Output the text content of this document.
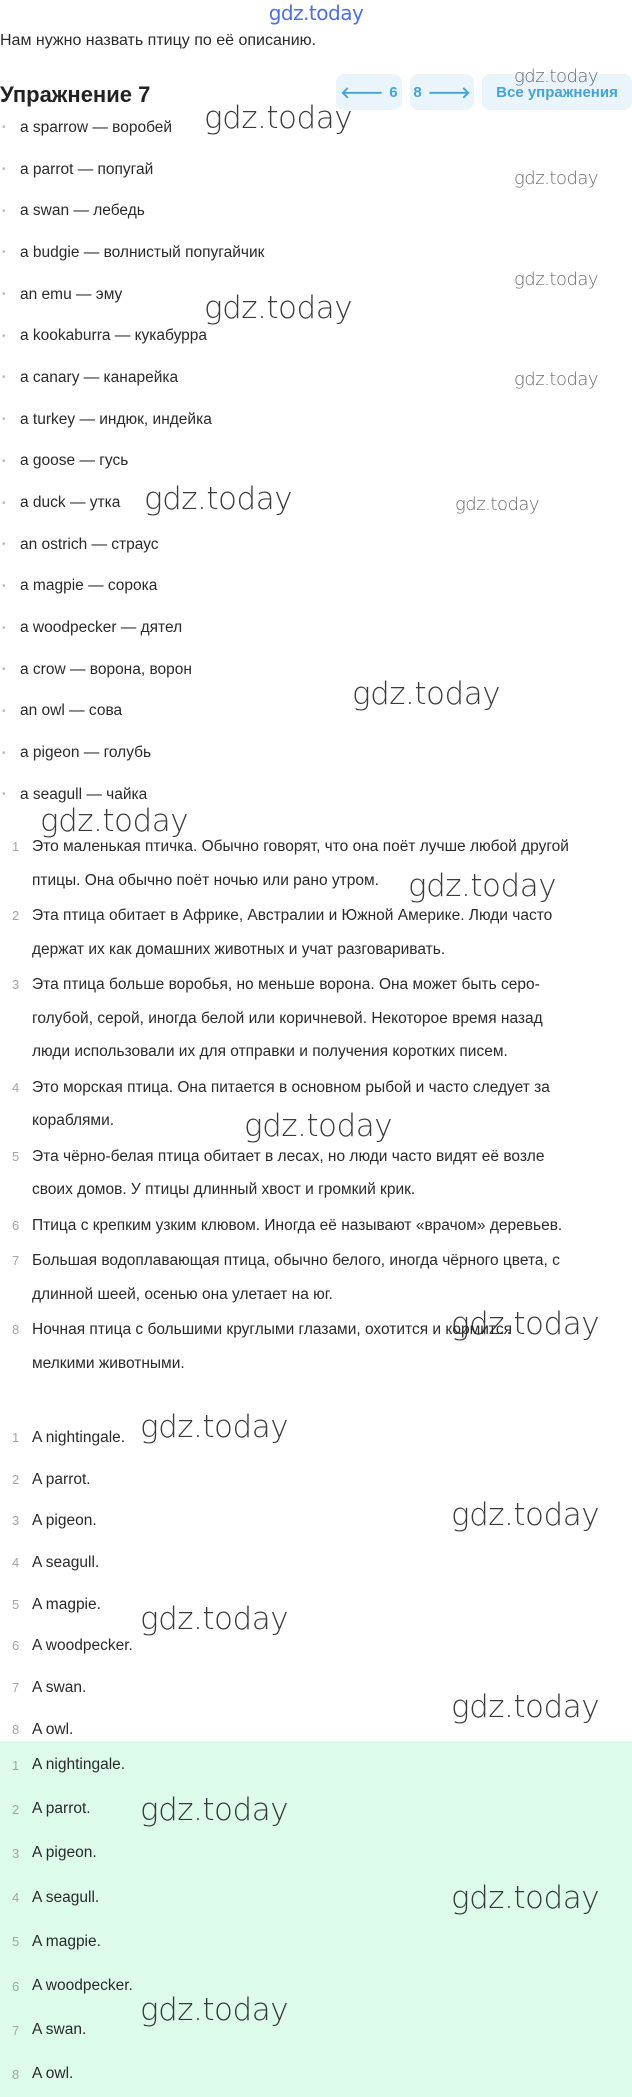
gdz.today
Нам нужно назвать птицу по её описанию.
Упражнение 7	🡐 6 8 🡒 Все упражнения
• a sparrow — воробей
• a parrot — попугай
• a swan — лебедь
• a budgie — волнистый попугайчик
• an emu — эму
• a kookaburra — кукабурра
• a canary — канарейка
• a turkey — индюк, индейка
• a goose — гусь
• a duck — утка
• an ostrich — страус
• a magpie — сорока
• a woodpecker — дятел
• a crow — ворона, ворон
• an owl — сова
• a pigeon — голубь
• a seagull — чайка
1 Это маленькая птичка. Обычно говорят, что она поёт лучше любой другой
птицы. Она обычно поёт ночью или рано утром.
2 Эта птица обитает в Африке, Австралии и Южной Америке. Люди часто
держат их как домашних животных и учат разговаривать.
3 Эта птица больше воробья, но меньше ворона. Она может быть серо-
голубой, серой, иногда белой или коричневой. Некоторое время назад
люди использовали их для отправки и получения коротких писем.
4 Это морская птица. Она питается в основном рыбой и часто следует за
кораблями.
5 Эта чёрно-белая птица обитает в лесах, но люди часто видят её возле
своих домов. У птицы длинный хвост и громкий крик.
6 Птица с крепким узким клювом. Иногда её называют «врачом» деревьев.
7 Большая водоплавающая птица, обычно белого, иногда чёрного цвета, с
длинной шеей, осенью она улетает на юг.
8 Ночная птица с большими круглыми глазами, охотится и кормится
мелкими животными.
1 A nightingale.
2 A parrot.
3 A pigeon.
4 A seagull.
5 A magpie.
6 A woodpecker.
7 A swan.
8 A owl.
1 A nightingale.
2 A parrot.
3 A pigeon.
4 A seagull.
5 A magpie.
6 A woodpecker.
7 A swan.
8 A owl.
gdz.today
gdz.today
gdz.today
gdz.today
gdz.today
gdz.today
gdz.today	gdz.today
gdz.today
gdz.today
gdz.today
gdz.today
gdz.today
gdz.today
gdz.today
gdz.today
gdz.today
gdz.today
gdz.today
gdz.today
